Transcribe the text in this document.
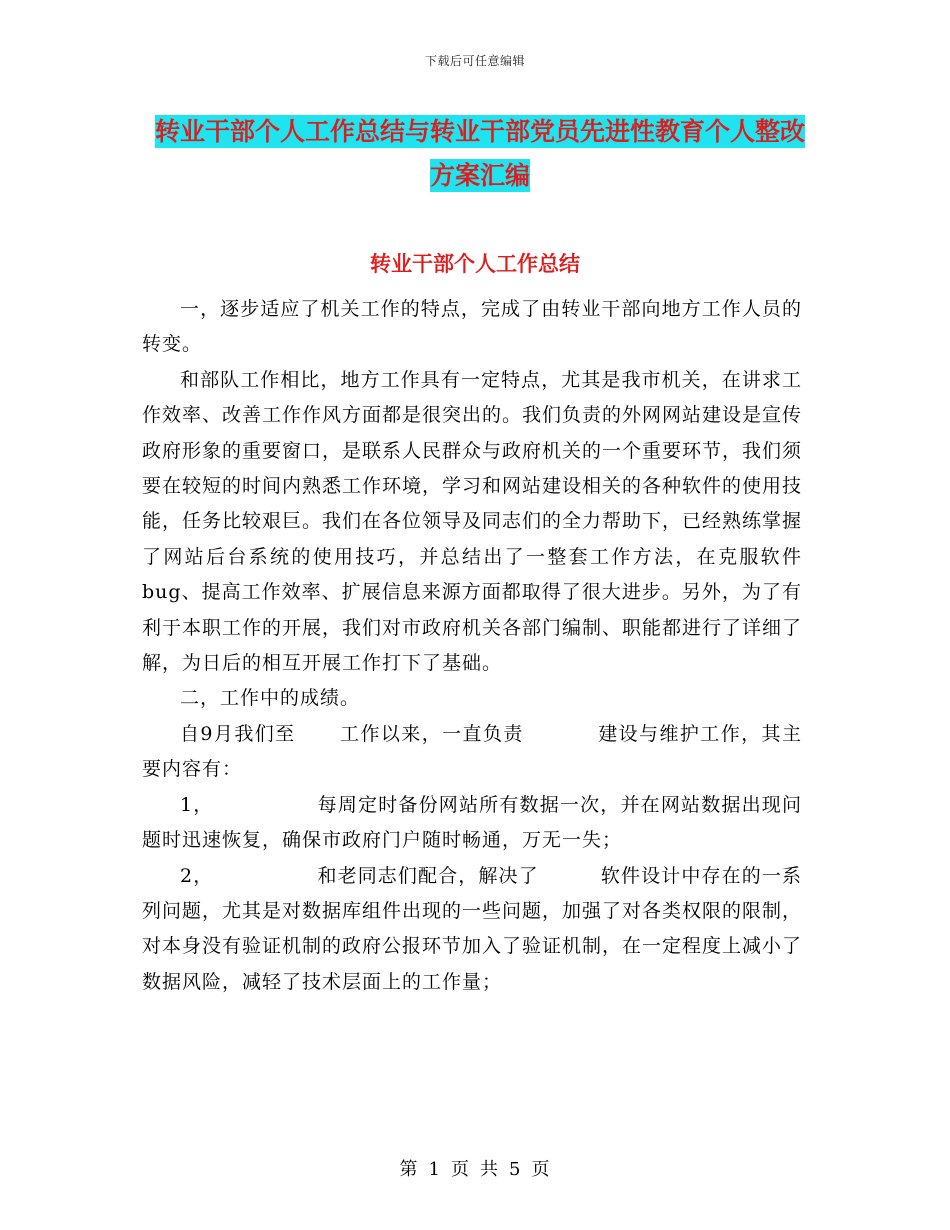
下载后可任意编辑
转业干部个人工作总结与转业干部党员先进性教育个人整改方案汇编
转业干部个人工作总结

一，逐步适应了机关工作的特点，完成了由转业干部向地方工作人员的转变。

和部队工作相比，地方工作具有一定特点，尤其是我市机关，在讲求工作效率、改善工作作风方面都是很突出的。我们负责的外网网站建设是宣传政府形象的重要窗口，是联系人民群众与政府机关的一个重要环节，我们须要在较短的时间内熟悉工作环境，学习和网站建设相关的各种软件的使用技能，任务比较艰巨。我们在各位领导及同志们的全力帮助下，已经熟练掌握了网站后台系统的使用技巧，并总结出了一整套工作方法，在克服软件bug、提高工作效率、扩展信息来源方面都取得了很大进步。另外，为了有利于本职工作的开展，我们对市政府机关各部门编制、职能都进行了详细了解，为日后的相互开展工作打下了基础。

二，工作中的成绩。

自9月我们至 工作以来，一直负责	建设与维护工作，其主要内容有：

1，	每周定时备份网站所有数据一次，并在网站数据出现问题时迅速恢复，确保市政府门户随时畅通，万无一失；

2，	和老同志们配合，解决了	软件设计中存在的一系列问题，尤其是对数据库组件出现的一些问题，加强了对各类权限的限制，对本身没有验证机制的政府公报环节加入了验证机制，在一定程度上减小了数据风险，减轻了技术层面上的工作量；

第 1 页 共 5 页
